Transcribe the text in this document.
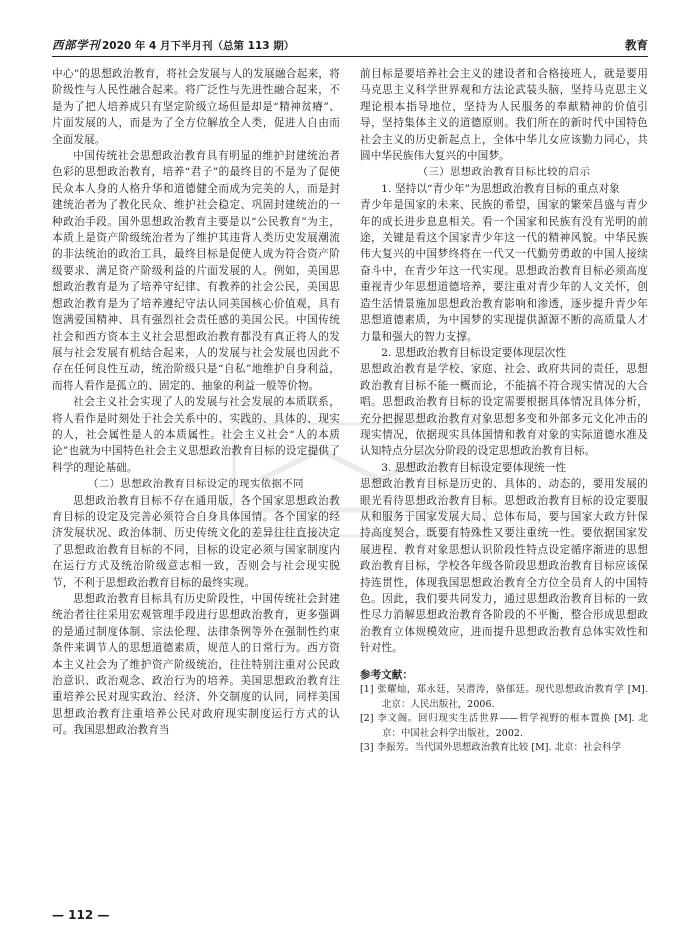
西部学刊 2020 年 4 月下半月刊（总第 113 期）	教育

中心”的思想政治教育，将社会发展与人的发展融合起来，将阶级性与人民性融合起来。将广泛性与先进性融合起来，不是为了把人培养成只有坚定阶级立场但是却是“精神贫瘠”、片面发展的人，而是为了全方位解放全人类，促进人自由而全面发展。

中国传统社会思想政治教育具有明显的维护封建统治者色彩的思想政治教育，培养“君子”的最终目的不是为了促使民众本人身的人格升华和道德健全而成为完美的人，而是封建统治者为了教化民众、维护社会稳定、巩固封建统治的一种政治手段。国外思想政治教育主要是以“公民教育”为主，本质上是资产阶级统治者为了维护其违背人类历史发展潮流的非法统治的政治工具，最终目标是促使人成为符合资产阶级要求、满足资产阶级利益的片面发展的人。例如，美国思想政治教育是为了培养守纪律、有教养的社会公民，美国思想政治教育是为了培养遵纪守法认同美国核心价值观，具有饱满爱国精神、具有强烈社会责任感的美国公民。中国传统社会和西方资本主义社会思想政治教育都没有真正将人的发展与社会发展有机结合起来，人的发展与社会发展也因此不存在任何良性互动，统治阶级只是“自私”地维护自身利益，而将人看作是孤立的、固定的、抽象的利益一般等价物。

社会主义社会实现了人的发展与社会发展的本质联系，将人看作是时刻处于社会关系中的、实践的、具体的、现实的人，社会属性是人的本质属性。社会主义社会“人的本质论”也就为中国特色社会主义思想政治教育目标的设定提供了科学的理论基础。

（二）思想政治教育目标设定的现实依据不同

思想政治教育目标不存在通用版，各个国家思想政治教育目标的设定及完善必须符合自身具体国情。各个国家的经济发展状况、政治体制、历史传统文化的差异往往直接决定了思想政治教育目标的不同，目标的设定必须与国家制度内在运行方式及统治阶级意志相一致，否则会与社会现实脱节，不利于思想政治教育目标的最终实现。

思想政治教育目标具有历史阶段性，中国传统社会封建统治者往往采用宏观管理手段进行思想政治教育，更多强调的是通过制度体制、宗法伦理、法律条例等外在强制性约束条件来调节人的思想道德素质，规范人的日常行为。西方资本主义社会为了维护资产阶级统治，往往特别注重对公民政治意识、政治观念、政治行为的培养。美国思想政治教育注重培养公民对现实政治、经济、外交制度的认同，同样美国思想政治教育注重培养公民对政府现实制度运行方式的认可。我国思想政治教育当

前目标是要培养社会主义的建设者和合格接班人，就是要用马克思主义科学世界观和方法论武装头脑，坚持马克思主义理论根本指导地位，坚持为人民服务的奉献精神的价值引导，坚持集体主义的道德原则。我们所在的新时代中国特色社会主义的历史新起点上，全体中华儿女应该勤力同心，共圆中华民族伟大复兴的中国梦。

（三）思想政治教育目标比较的启示

1. 坚持以“青少年”为思想政治教育目标的重点对象

青少年是国家的未来、民族的希望，国家的繁荣昌盛与青少年的成长进步息息相关。看一个国家和民族有没有光明的前途，关键是看这个国家青少年这一代的精神风貌。中华民族伟大复兴的中国梦终将在一代又一代勤劳勇敢的中国人接续奋斗中，在青少年这一代实现。思想政治教育目标必须高度重视青少年思想道德培养，要注重对青少年的人文关怀，创造生活情景施加思想政治教育影响和渗透，逐步提升青少年思想道德素质，为中国梦的实现提供源源不断的高质量人才力量和强大的智力支撑。

2. 思想政治教育目标设定要体现层次性

思想政治教育是学校、家庭、社会、政府共同的责任，思想政治教育目标不能一概而论，不能搞不符合现实情况的大合唱。思想政治教育目标的设定需要根据具体情况具体分析，充分把握思想政治教育对象思想多变和外部多元文化冲击的现实情况，依据现实具体国情和教育对象的实际道德水准及认知特点分层次分阶段的设定思想政治教育目标。

3. 思想政治教育目标设定要体现统一性

思想政治教育目标是历史的、具体的、动态的，要用发展的眼光看待思想政治教育目标。思想政治教育目标的设定要服从和服务于国家发展大局、总体布局，要与国家大政方针保持高度契合，既要有特殊性又要注重统一性。要依据国家发展进程、教育对象思想认识阶段性特点设定循序渐进的思想政治教育目标，学校各年级各阶段思想政治教育目标应该保持连贯性，体现我国思想政治教育全方位全员育人的中国特色。因此，我们要共同发力，通过思想政治教育目标的一致性尽力消解思想政治教育各阶段的不平衡，整合形成思想政治教育立体规模效应，进而提升思想政治教育总体实效性和针对性。

参考文献：

[1] 张耀灿，郑永廷，吴潜涛，骆郁廷。现代思想政治教育学 [M]. 北京：人民出版社，2006.

[2] 李文阁。回归现实生活世界——哲学视野的根本置换 [M]. 北京：中国社会科学出版社，2002.

[3] 李振芳。当代国外思想政治教育比较 [M]. 北京：社会科学

— 112 —
